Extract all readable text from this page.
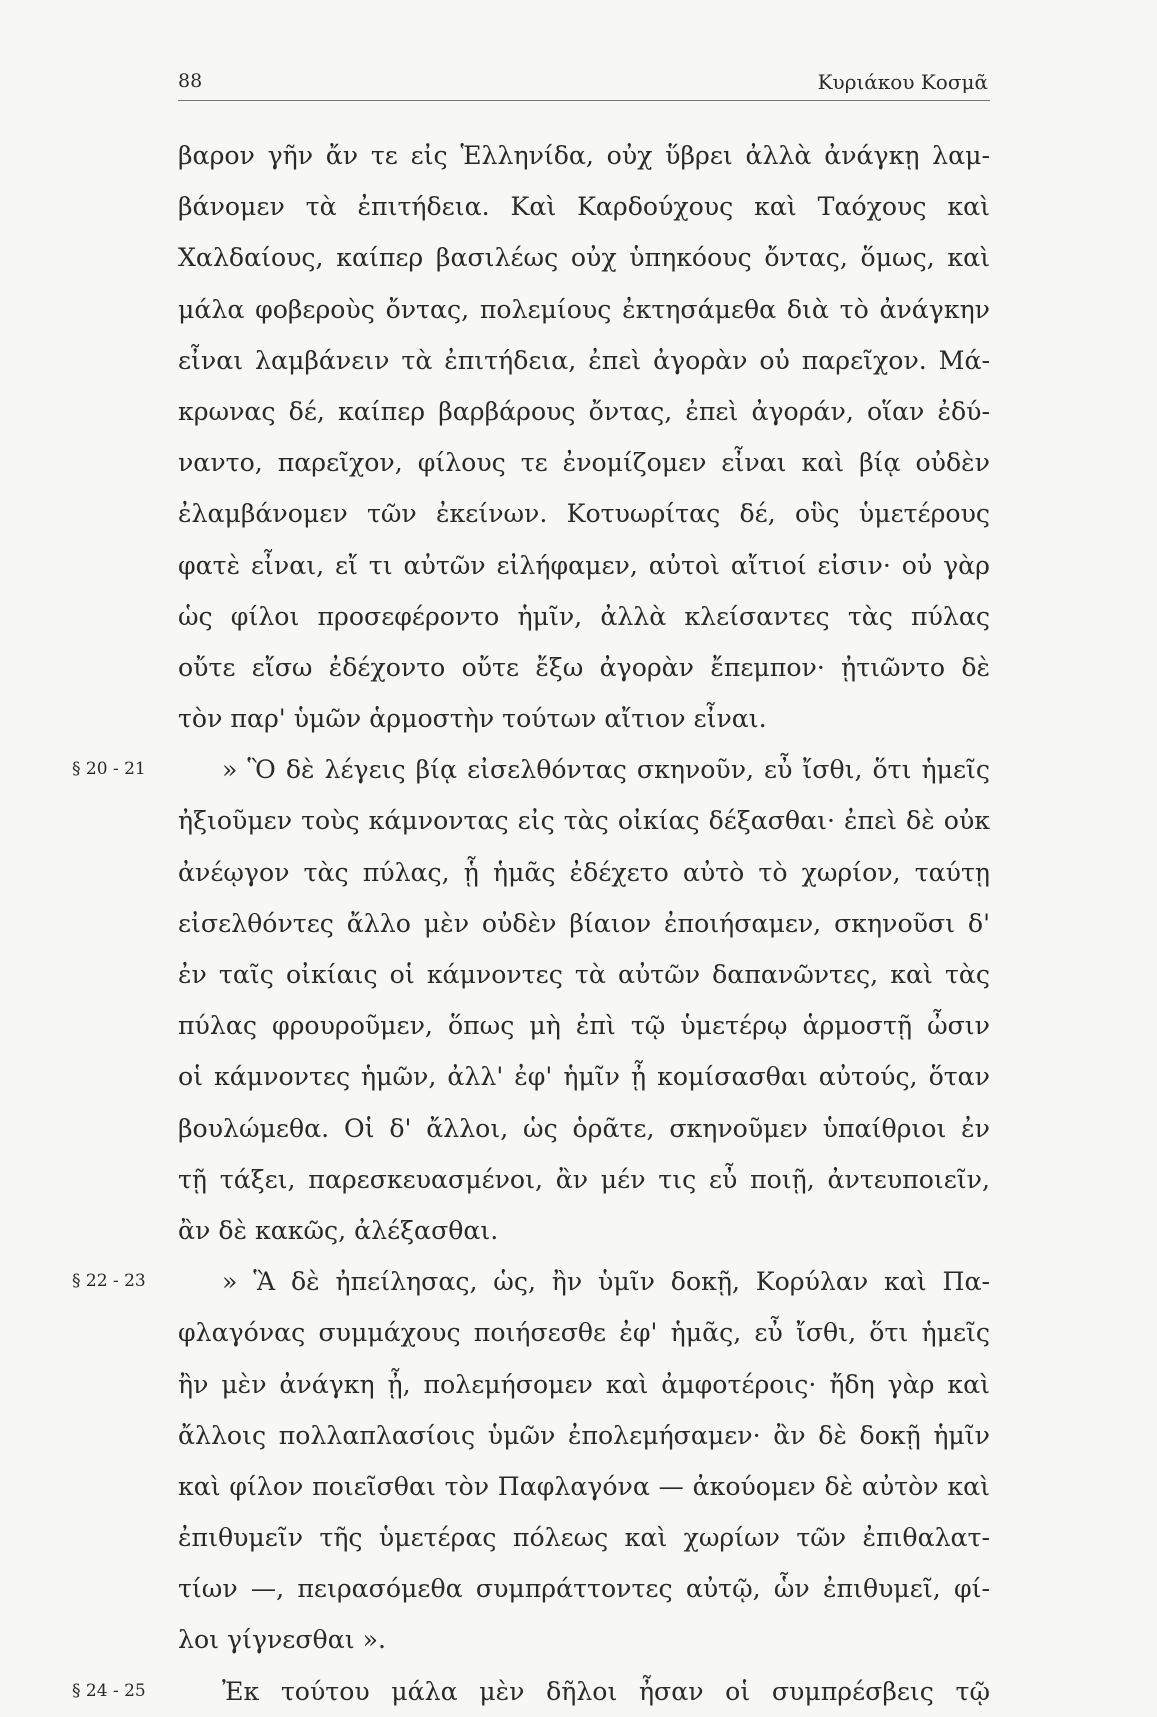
88	Κυριάκου Κοσμᾶ
βαρον γῆν ἄν τε εἰς Ἑλληνίδα, οὐχ ὕβρει ἀλλὰ ἀνάγκῃ λαμ-
βάνομεν τὰ ἐπιτήδεια. Καὶ Καρδούχους καὶ Ταόχους καὶ
Χαλδαίους, καίπερ βασιλέως οὐχ ὑπηκόους ὄντας, ὅμως, καὶ
μάλα φοβεροὺς ὄντας, πολεμίους ἐκτησάμεθα διὰ τὸ ἀνάγκην
εἶναι λαμβάνειν τὰ ἐπιτήδεια, ἐπεὶ ἀγορὰν οὐ παρεῖχον. Μά-
κρωνας δέ, καίπερ βαρβάρους ὄντας, ἐπεὶ ἀγοράν, οἵαν ἐδύ-
ναντο, παρεῖχον, φίλους τε ἐνομίζομεν εἶναι καὶ βίᾳ οὐδὲν
ἐλαμβάνομεν τῶν ἐκείνων. Κοτυωρίτας δέ, οὓς ὑμετέρους
φατὲ εἶναι, εἴ τι αὐτῶν εἰλήφαμεν, αὐτοὶ αἴτιοί εἰσιν· οὐ γὰρ
ὡς φίλοι προσεφέροντο ἡμῖν, ἀλλὰ κλείσαντες τὰς πύλας
οὔτε εἴσω ἐδέχοντο οὔτε ἔξω ἀγορὰν ἔπεμπον· ᾐτιῶντο δὲ
τὸν παρ' ὑμῶν ἁρμοστὴν τούτων αἴτιον εἶναι.
» Ὃ δὲ λέγεις βίᾳ εἰσελθόντας σκηνοῦν, εὖ ἴσθι, ὅτι ἡμεῖς
§ 20 - 21
ἠξιοῦμεν τοὺς κάμνοντας εἰς τὰς οἰκίας δέξασθαι· ἐπεὶ δὲ οὐκ
ἀνέῳγον τὰς πύλας, ᾗ ἡμᾶς ἐδέχετο αὐτὸ τὸ χωρίον, ταύτῃ
εἰσελθόντες ἄλλο μὲν οὐδὲν βίαιον ἐποιήσαμεν, σκηνοῦσι δ'
ἐν ταῖς οἰκίαις οἱ κάμνοντες τὰ αὐτῶν δαπανῶντες, καὶ τὰς
πύλας φρουροῦμεν, ὅπως μὴ ἐπὶ τῷ ὑμετέρῳ ἁρμοστῇ ὦσιν
οἱ κάμνοντες ἡμῶν, ἀλλ' ἐφ' ἡμῖν ᾖ κομίσασθαι αὐτούς, ὅταν
βουλώμεθα. Οἱ δ' ἄλλοι, ὡς ὁρᾶτε, σκηνοῦμεν ὑπαίθριοι ἐν
τῇ τάξει, παρεσκευασμένοι, ἂν μέν τις εὖ ποιῇ, ἀντευποιεῖν,
ἂν δὲ κακῶς, ἀλέξασθαι.
» Ἃ δὲ ἠπείλησας, ὡς, ἢν ὑμῖν δοκῇ, Κορύλαν καὶ Πα-
§ 22 - 23
φλαγόνας συμμάχους ποιήσεσθε ἐφ' ἡμᾶς, εὖ ἴσθι, ὅτι ἡμεῖς
ἢν μὲν ἀνάγκη ᾖ, πολεμήσομεν καὶ ἀμφοτέροις· ἤδη γὰρ καὶ
ἄλλοις πολλαπλασίοις ὑμῶν ἐπολεμήσαμεν· ἂν δὲ δοκῇ ἡμῖν
καὶ φίλον ποιεῖσθαι τὸν Παφλαγόνα — ἀκούομεν δὲ αὐτὸν καὶ
ἐπιθυμεῖν τῆς ὑμετέρας πόλεως καὶ χωρίων τῶν ἐπιθαλατ-
τίων —, πειρασόμεθα συμπράττοντες αὐτῷ, ὧν ἐπιθυμεῖ, φί-
λοι γίγνεσθαι ».
Ἐκ τούτου μάλα μὲν δῆλοι ἦσαν οἱ συμπρέσβεις τῷ
§ 24 - 25
